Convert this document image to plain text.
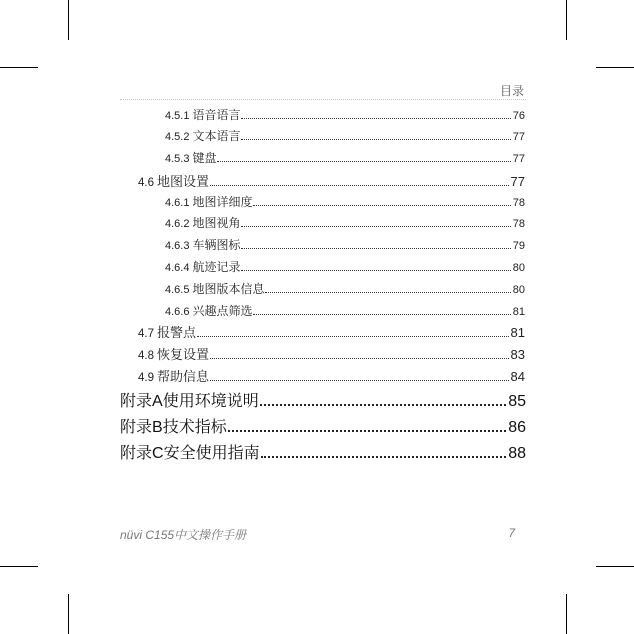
目录
4.5.1 语音语言	76
4.5.2 文本语言	77
4.5.3 键盘	77
4.6 地图设置	77
4.6.1 地图详细度	78
4.6.2 地图视角	78
4.6.3 车辆图标	79
4.6.4 航迹记录	80
4.6.5 地图版本信息	80
4.6.6 兴趣点筛选	81
4.7 报警点	81
4.8 恢复设置	83
4.9 帮助信息	84
附录A 使用环境说明	85
附录B 技术指标	86
附录C 安全使用指南	88
nüvi C155中文操作手册	7
